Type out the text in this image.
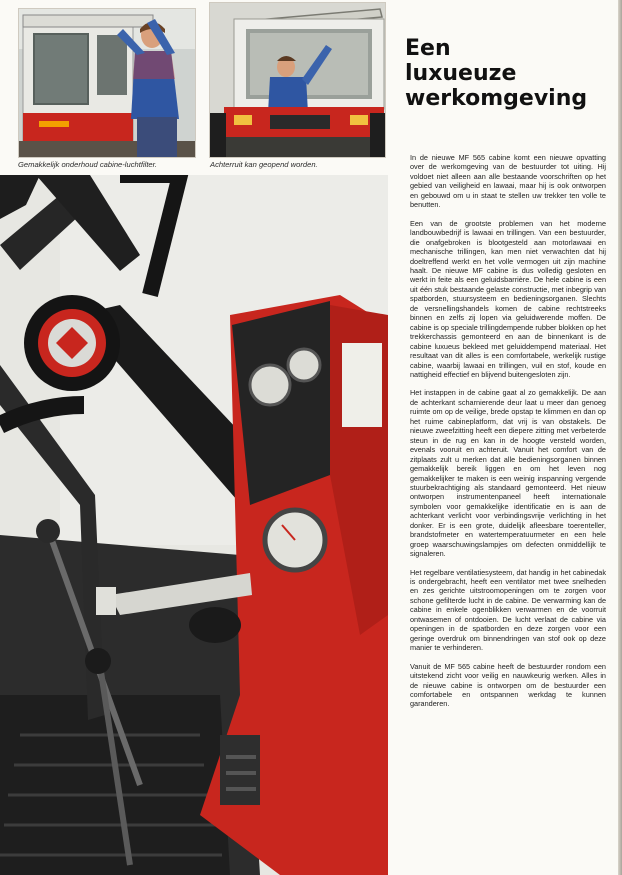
Gemakkelijk onderhoud cabine-luchtfilter.	Achterruit kan geopend worden.
Een
luxueuze
werkomgeving

In de nieuwe MF 565 cabine komt een nieuwe opvatting over de werkomgeving van de bestuurder tot uiting. Hij voldoet niet alleen aan alle bestaande voorschriften op het gebied van veiligheid en lawaai, maar hij is ook ontworpen en gebouwd om u in staat te stellen uw trekker ten volle te benutten.

Een van de grootste problemen van het moderne landbouwbedrijf is lawaai en trillingen. Van een bestuurder, die onafgebroken is blootgesteld aan motorlawaai en mechanische trillingen, kan men niet verwachten dat hij doeltreffend werkt en het volle vermogen uit zijn machine haalt. De nieuwe MF cabine is dus volledig gesloten en werkt in feite als een geluidsbarrière. De hele cabine is een uit één stuk bestaande gelaste constructie, met inbegrip van spatborden, stuursysteem en bedieningsorganen. Slechts de versnellingshandels komen de cabine rechtstreeks binnen en zelfs zij lopen via geluidwerende moffen. De cabine is op speciale trillingdempende rubber blokken op het trekkerchassis gemonteerd en aan de binnenkant is de cabine luxueus bekleed met geluiddempend materiaal. Het resultaat van dit alles is een comfortabele, werkelijk rustige cabine, waarbij lawaai en trillingen, vuil en stof, koude en nattigheid effectief en blijvend buitengesloten zijn.

Het instappen in de cabine gaat al zo gemakkelijk. De aan de achterkant scharnierende deur laat u meer dan genoeg ruimte om op de veilige, brede opstap te klimmen en dan op het ruime cabineplatform, dat vrij is van obstakels. De nieuwe zweefzitting heeft een diepere zitting met verbeterde steun in de rug en kan in de hoogte versteld worden, evenals vooruit en achteruit. Vanuit het comfort van de zitplaats zult u merken dat alle bedieningsorganen binnen gemakkelijk bereik liggen en om het leven nog gemakkelijker te maken is een weinig inspanning vergende stuurbekrachtiging als standaard gemonteerd. Het nieuw ontworpen instrumentenpaneel heeft internationale symbolen voor gemakkelijke identificatie en is aan de achterkant verlicht voor verbindingsvrije verlichting in het donker. Er is een grote, duidelijk afleesbare toerenteller, brandstofmeter en watertemperatuurmeter en een hele groep waarschuwingslampjes om defecten onmiddellijk te signaleren.

Het regelbare ventilatiesysteem, dat handig in het cabinedak is ondergebracht, heeft een ventilator met twee snelheden en zes gerichte uitstroomopeningen om te zorgen voor schone gefilterde lucht in de cabine. De verwarming kan de cabine in enkele ogenblikken verwarmen en de voorruit ontwasemen of ontdooien. De lucht verlaat de cabine via openingen in de spatborden en deze zorgen voor een geringe overdruk om binnendringen van stof ook op deze manier te verhinderen.

Vanuit de MF 565 cabine heeft de bestuurder rondom een uitstekend zicht voor veilig en nauwkeurig werken. Alles in de nieuwe cabine is ontworpen om de bestuurder een comfortabele en ontspannen werkdag te kunnen garanderen.
